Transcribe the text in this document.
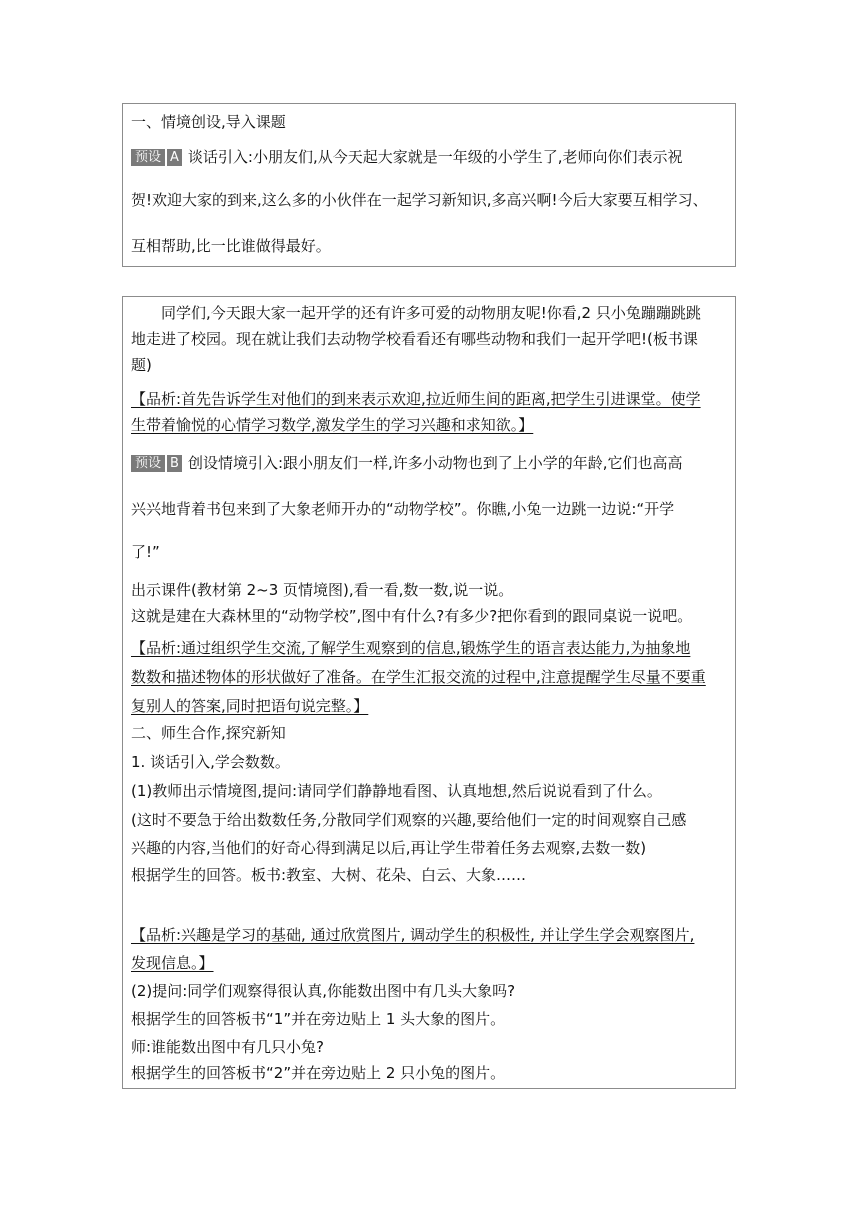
一、情境创设,导入课题
预设 A 谈话引入:小朋友们,从今天起大家就是一年级的小学生了,老师向你们表示祝
贺!欢迎大家的到来,这么多的小伙伴在一起学习新知识,多高兴啊!今后大家要互相学习、
互相帮助,比一比谁做得最好。
同学们,今天跟大家一起开学的还有许多可爱的动物朋友呢!你看,2 只小兔蹦蹦跳跳
地走进了校园。现在就让我们去动物学校看看还有哪些动物和我们一起开学吧!(板书课
题)
【品析:首先告诉学生对他们的到来表示欢迎,拉近师生间的距离,把学生引进课堂。使学
生带着愉悦的心情学习数学,激发学生的学习兴趣和求知欲。】
预设 B 创设情境引入:跟小朋友们一样,许多小动物也到了上小学的年龄,它们也高高
兴兴地背着书包来到了大象老师开办的“动物学校”。你瞧,小兔一边跳一边说:“开学
了!”
出示课件(教材第 2~3 页情境图),看一看,数一数,说一说。
这就是建在大森林里的“动物学校”,图中有什么?有多少?把你看到的跟同桌说一说吧。
【品析:通过组织学生交流,了解学生观察到的信息,锻炼学生的语言表达能力,为抽象地
数数和描述物体的形状做好了准备。在学生汇报交流的过程中,注意提醒学生尽量不要重
复别人的答案,同时把语句说完整。】
二、师生合作,探究新知
1. 谈话引入,学会数数。
(1)教师出示情境图,提问:请同学们静静地看图、认真地想,然后说说看到了什么。
(这时不要急于给出数数任务,分散同学们观察的兴趣,要给他们一定的时间观察自己感
兴趣的内容,当他们的好奇心得到满足以后,再让学生带着任务去观察,去数一数)
根据学生的回答。板书:教室、大树、花朵、白云、大象……
【品析:兴趣是学习的基础, 通过欣赏图片, 调动学生的积极性, 并让学生学会观察图片,
发现信息。】
(2)提问:同学们观察得很认真,你能数出图中有几头大象吗?
根据学生的回答板书“1”并在旁边贴上 1 头大象的图片。
师:谁能数出图中有几只小兔?
根据学生的回答板书“2”并在旁边贴上 2 只小兔的图片。
